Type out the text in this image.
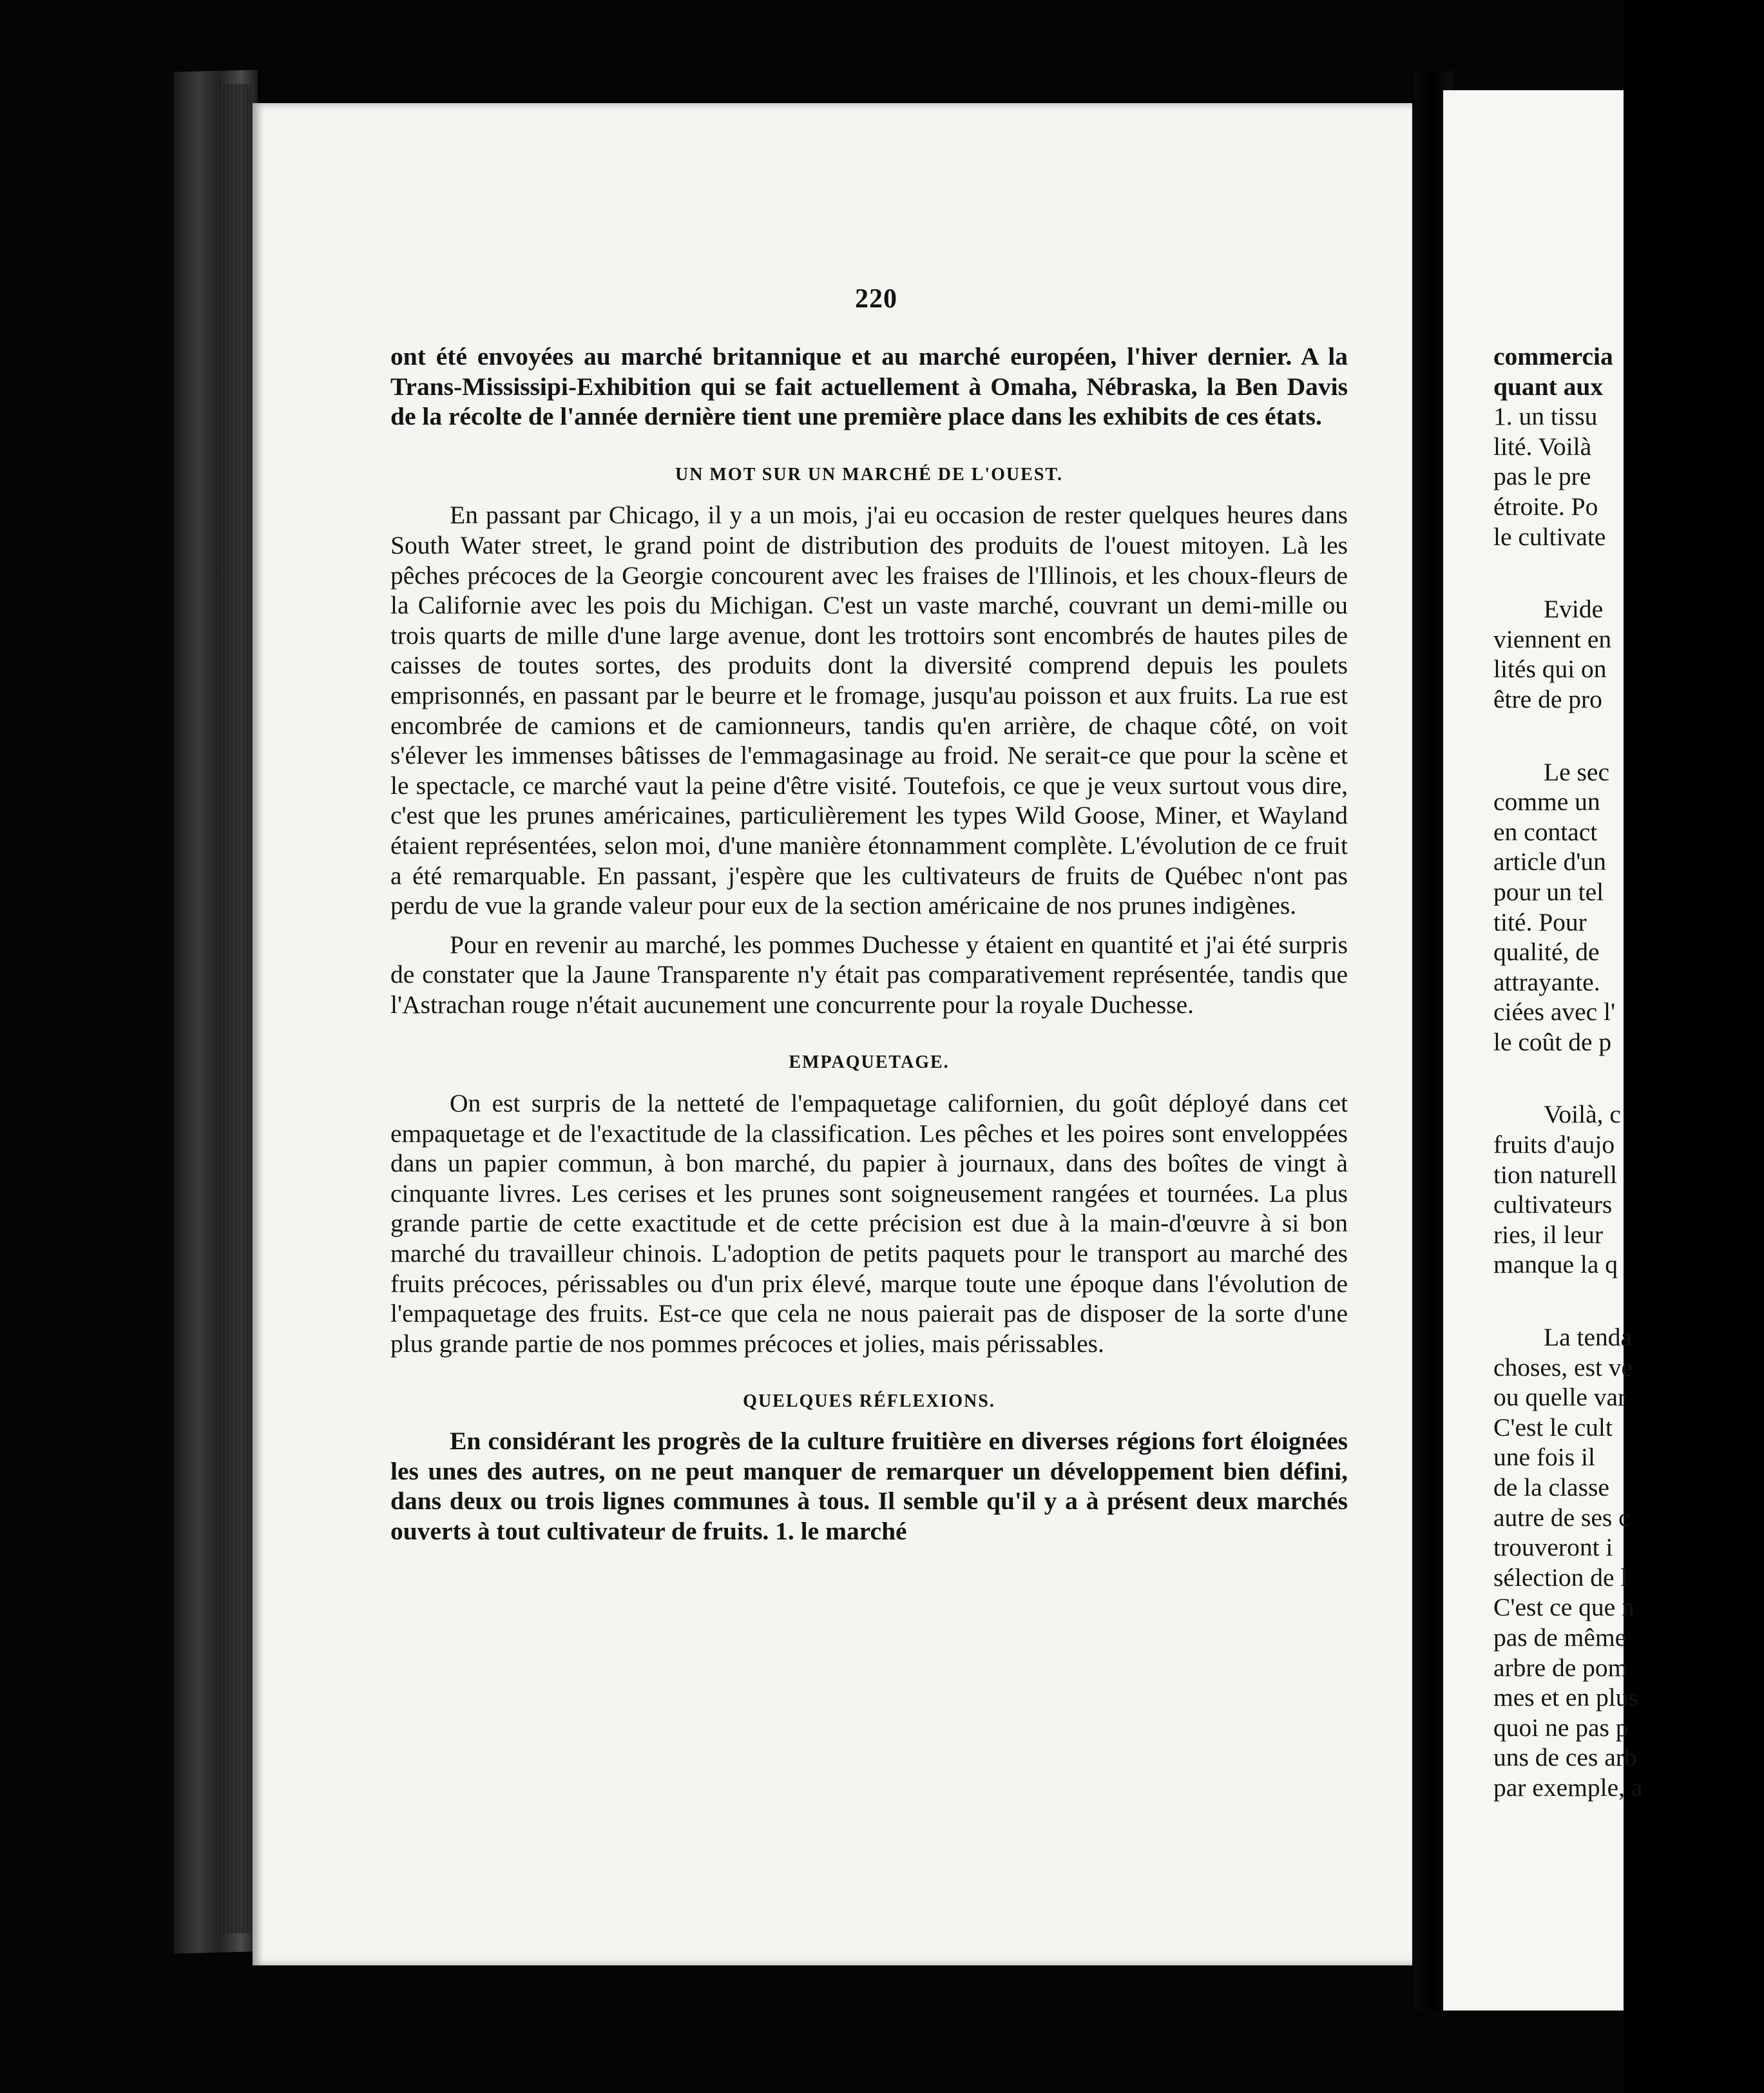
220

ont été envoyées au marché britannique et au marché européen, l'hiver dernier. A la Trans-Mississipi-Exhibition qui se fait actuellement à Omaha, Nébraska, la Ben Davis de la récolte de l'année dernière tient une première place dans les exhibits de ces états.

UN MOT SUR UN MARCHÉ DE L'OUEST.

En passant par Chicago, il y a un mois, j'ai eu occasion de rester quelques heures dans South Water street, le grand point de distribution des produits de l'ouest mitoyen. Là les pêches précoces de la Georgie concourent avec les fraises de l'Illinois, et les choux-fleurs de la Californie avec les pois du Michigan. C'est un vaste marché, couvrant un demi-mille ou trois quarts de mille d'une large avenue, dont les trottoirs sont encombrés de hautes piles de caisses de toutes sortes, des produits dont la diversité comprend depuis les poulets emprisonnés, en passant par le beurre et le fromage, jusqu'au poisson et aux fruits. La rue est encombrée de camions et de camionneurs, tandis qu'en arrière, de chaque côté, on voit s'élever les immenses bâtisses de l'emmagasinage au froid. Ne serait-ce que pour la scène et le spectacle, ce marché vaut la peine d'être visité. Toutefois, ce que je veux surtout vous dire, c'est que les prunes américaines, particulièrement les types Wild Goose, Miner, et Wayland étaient représentées, selon moi, d'une manière étonnamment complète. L'évolution de ce fruit a été remarquable. En passant, j'espère que les cultivateurs de fruits de Québec n'ont pas perdu de vue la grande valeur pour eux de la section américaine de nos prunes indigènes.

Pour en revenir au marché, les pommes Duchesse y étaient en quantité et j'ai été surpris de constater que la Jaune Transparente n'y était pas comparativement représentée, tandis que l'Astrachan rouge n'était aucunement une concurrente pour la royale Duchesse.

EMPAQUETAGE.

On est surpris de la netteté de l'empaquetage californien, du goût déployé dans cet empaquetage et de l'exactitude de la classification. Les pêches et les poires sont enveloppées dans un papier commun, à bon marché, du papier à journaux, dans des boîtes de vingt à cinquante livres. Les cerises et les prunes sont soigneusement rangées et tournées. La plus grande partie de cette exactitude et de cette précision est due à la main-d'œuvre à si bon marché du travailleur chinois. L'adoption de petits paquets pour le transport au marché des fruits précoces, périssables ou d'un prix élevé, marque toute une époque dans l'évolution de l'empaquetage des fruits. Est-ce que cela ne nous paierait pas de disposer de la sorte d'une plus grande partie de nos pommes précoces et jolies, mais périssables.

QUELQUES RÉFLEXIONS.

En considérant les progrès de la culture fruitière en diverses régions fort éloignées les unes des autres, on ne peut manquer de remarquer un développement bien défini, dans deux ou trois lignes communes à tous. Il semble qu'il y a à présent deux marchés ouverts à tout cultivateur de fruits. 1. le marché

commercia
quant aux
1. un tissu
lité. Voilà
pas le pre
étroite. Po
le cultivate
Evide
viennent en
lités qui on
être de pro
Le sec
comme un
en contact
article d'un
pour un tel
tité. Pour
qualité, de
attrayante.
ciées avec l'
le coût de p
Voilà, c
fruits d'aujo
tion naturell
cultivateurs
ries, il leur
manque la q
La tenda
choses, est ve
ou quelle var
C'est le cult
une fois il
de la classe
autre de ses c
trouveront i
sélection de l
C'est ce que n
pas de même
arbre de pom
mes et en plus
quoi ne pas p
uns de ces arb
par exemple, a
